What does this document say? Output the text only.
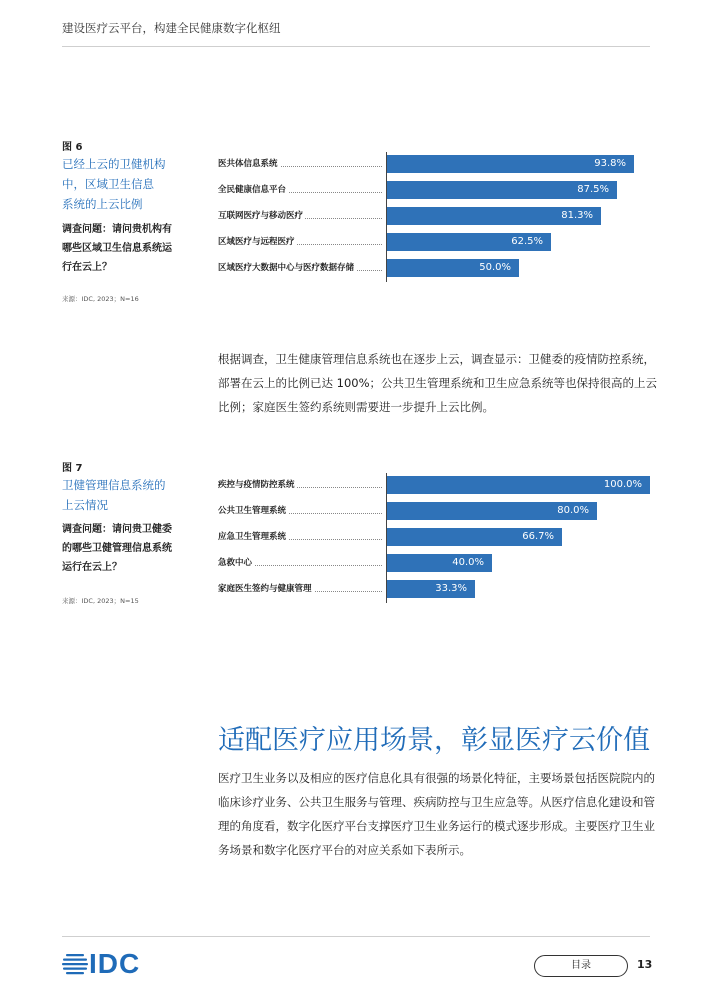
建设医疗云平台，构建全民健康数字化枢纽
图 6
已经上云的卫健机构
中，区域卫生信息
系统的上云比例
调查问题：请问贵机构有
哪些区域卫生信息系统运
行在云上？
来源：IDC, 2023；N=16
医共体信息系统	93.8%
全民健康信息平台	87.5%
互联网医疗与移动医疗	81.3%
区域医疗与远程医疗	62.5%
区域医疗大数据中心与医疗数据存储	50.0%
根据调查，卫生健康管理信息系统也在逐步上云，调查显示：卫健委的疫情防控系统，部署在云上的比例已达 100%；公共卫生管理系统和卫生应急系统等也保持很高的上云比例；家庭医生签约系统则需要进一步提升上云比例。
图 7
卫健管理信息系统的
上云情况
调查问题：请问贵卫健委
的哪些卫健管理信息系统
运行在云上？
来源：IDC, 2023；N=15
疾控与疫情防控系统	100.0%
公共卫生管理系统	80.0%
应急卫生管理系统	66.7%
急救中心	40.0%
家庭医生签约与健康管理	33.3%
适配医疗应用场景，彰显医疗云价值
医疗卫生业务以及相应的医疗信息化具有很强的场景化特征，主要场景包括医院院内的临床诊疗业务、公共卫生服务与管理、疾病防控与卫生应急等。从医疗信息化建设和管理的角度看，数字化医疗平台支撑医疗卫生业务运行的模式逐步形成。主要医疗卫生业务场景和数字化医疗平台的对应关系如下表所示。
IDC	目录	13
